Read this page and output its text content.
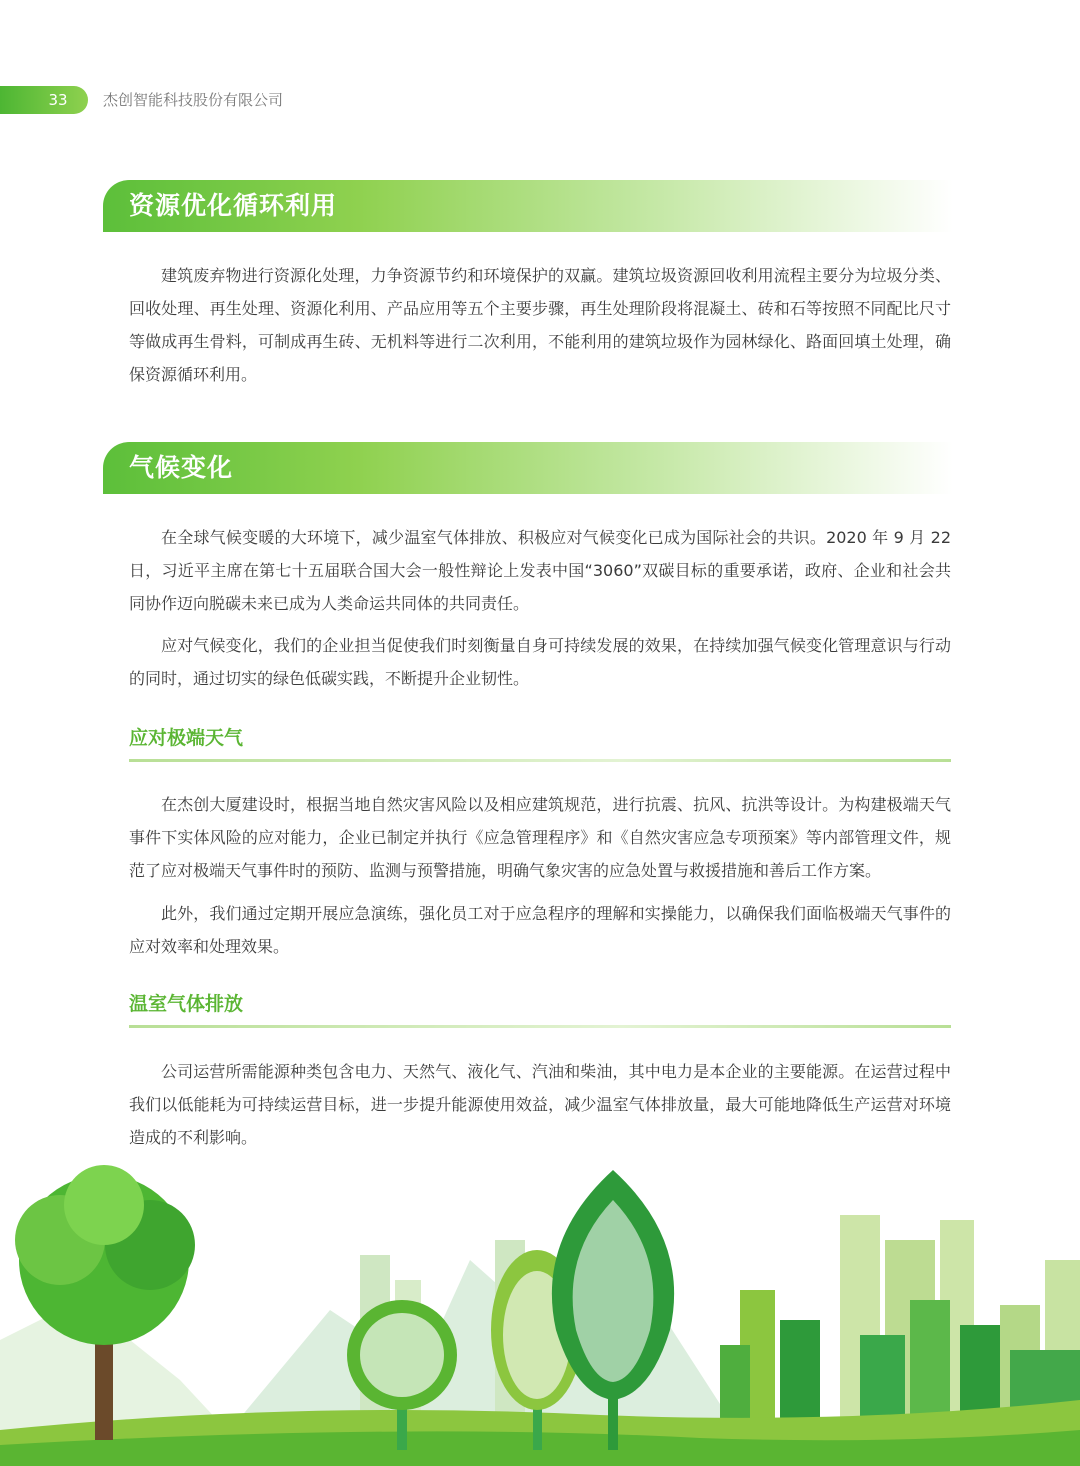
33	杰创智能科技股份有限公司
资源优化循环利用

建筑废弃物进行资源化处理，力争资源节约和环境保护的双赢。建筑垃圾资源回收利用流程主要分为垃圾分类、回收处理、再生处理、资源化利用、产品应用等五个主要步骤，再生处理阶段将混凝土、砖和石等按照不同配比尺寸等做成再生骨料，可制成再生砖、无机料等进行二次利用，不能利用的建筑垃圾作为园林绿化、路面回填土处理，确保资源循环利用。

气候变化

在全球气候变暖的大环境下，减少温室气体排放、积极应对气候变化已成为国际社会的共识。2020 年 9 月 22 日，习近平主席在第七十五届联合国大会一般性辩论上发表中国“3060”双碳目标的重要承诺，政府、企业和社会共同协作迈向脱碳未来已成为人类命运共同体的共同责任。

应对气候变化，我们的企业担当促使我们时刻衡量自身可持续发展的效果，在持续加强气候变化管理意识与行动的同时，通过切实的绿色低碳实践，不断提升企业韧性。

应对极端天气

在杰创大厦建设时，根据当地自然灾害风险以及相应建筑规范，进行抗震、抗风、抗洪等设计。为构建极端天气事件下实体风险的应对能力，企业已制定并执行《应急管理程序》和《自然灾害应急专项预案》等内部管理文件，规范了应对极端天气事件时的预防、监测与预警措施，明确气象灾害的应急处置与救援措施和善后工作方案。

此外，我们通过定期开展应急演练，强化员工对于应急程序的理解和实操能力，以确保我们面临极端天气事件的应对效率和处理效果。

温室气体排放

公司运营所需能源种类包含电力、天然气、液化气、汽油和柴油，其中电力是本企业的主要能源。在运营过程中我们以低能耗为可持续运营目标，进一步提升能源使用效益，减少温室气体排放量，最大可能地降低生产运营对环境造成的不利影响。
